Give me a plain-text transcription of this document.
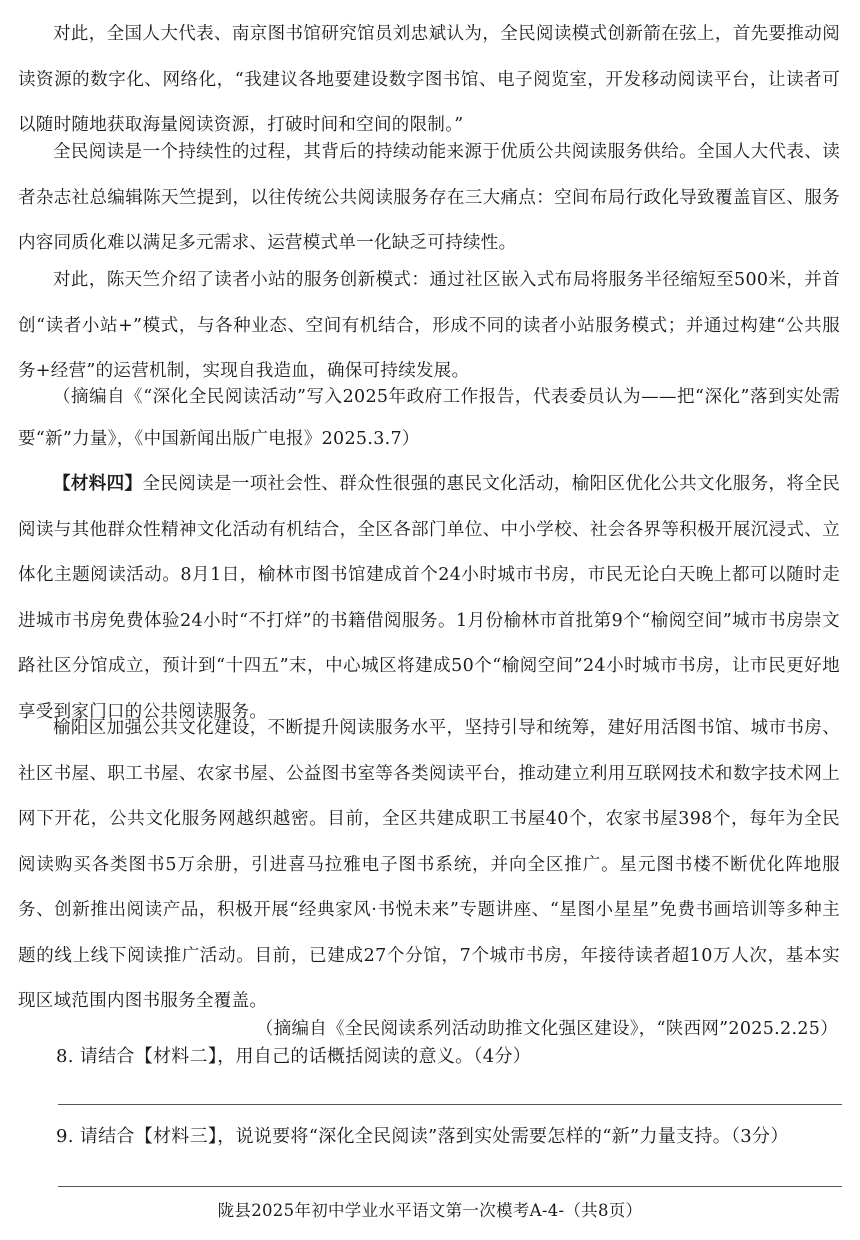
对此，全国人大代表、南京图书馆研究馆员刘忠斌认为，全民阅读模式创新箭在弦上，首先要推动阅读资源的数字化、网络化，“我建议各地要建设数字图书馆、电子阅览室，开发移动阅读平台，让读者可以随时随地获取海量阅读资源，打破时间和空间的限制。”

全民阅读是一个持续性的过程，其背后的持续动能来源于优质公共阅读服务供给。全国人大代表、读者杂志社总编辑陈天竺提到，以往传统公共阅读服务存在三大痛点：空间布局行政化导致覆盖盲区、服务内容同质化难以满足多元需求、运营模式单一化缺乏可持续性。

对此，陈天竺介绍了读者小站的服务创新模式：通过社区嵌入式布局将服务半径缩短至500米，并首创“读者小站+”模式，与各种业态、空间有机结合，形成不同的读者小站服务模式；并通过构建“公共服务+经营”的运营机制，实现自我造血，确保可持续发展。

（摘编自《“深化全民阅读活动”写入2025年政府工作报告，代表委员认为——把“深化”落到实处需要“新”力量》，《中国新闻出版广电报》2025.3.7）

【材料四】全民阅读是一项社会性、群众性很强的惠民文化活动，榆阳区优化公共文化服务，将全民阅读与其他群众性精神文化活动有机结合，全区各部门单位、中小学校、社会各界等积极开展沉浸式、立体化主题阅读活动。8月1日，榆林市图书馆建成首个24小时城市书房，市民无论白天晚上都可以随时走进城市书房免费体验24小时“不打烊”的书籍借阅服务。1月份榆林市首批第9个“榆阅空间”城市书房崇文路社区分馆成立，预计到“十四五”末，中心城区将建成50个“榆阅空间”24小时城市书房，让市民更好地享受到家门口的公共阅读服务。

榆阳区加强公共文化建设，不断提升阅读服务水平，坚持引导和统筹，建好用活图书馆、城市书房、社区书屋、职工书屋、农家书屋、公益图书室等各类阅读平台，推动建立利用互联网技术和数字技术网上网下开花，公共文化服务网越织越密。目前，全区共建成职工书屋40个，农家书屋398个，每年为全民阅读购买各类图书5万余册，引进喜马拉雅电子图书系统，并向全区推广。星元图书楼不断优化阵地服务、创新推出阅读产品，积极开展“经典家风·书悦未来”专题讲座、“星图小星星”免费书画培训等多种主题的线上线下阅读推广活动。目前，已建成27个分馆，7个城市书房，年接待读者超10万人次，基本实现区域范围内图书服务全覆盖。

（摘编自《全民阅读系列活动助推文化强区建设》，“陕西网”2025.2.25）
8. 请结合【材料二】，用自己的话概括阅读的意义。（4分）
9. 请结合【材料三】，说说要将“深化全民阅读”落到实处需要怎样的“新”力量支持。（3分）
陇县2025年初中学业水平语文第一次模考A-4-（共8页）
